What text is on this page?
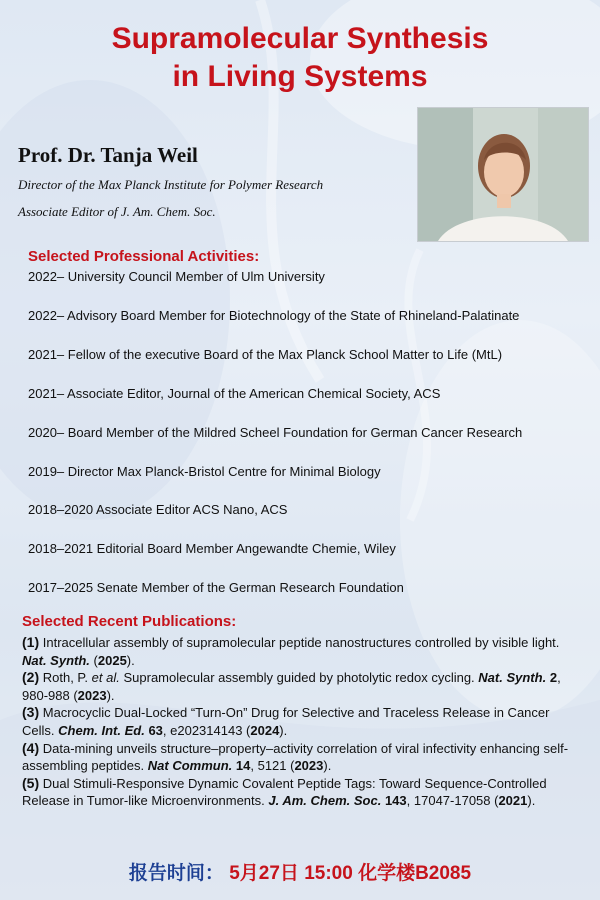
Supramolecular Synthesis
in Living Systems
Prof. Dr. Tanja Weil
Director of the Max Planck Institute for Polymer Research
Associate Editor of J. Am. Chem. Soc.
Selected Professional Activities:
2022– University Council Member of Ulm University
2022– Advisory Board Member for Biotechnology of the State of Rhineland-Palatinate
2021– Fellow of the executive Board of the Max Planck School Matter to Life (MtL)
2021– Associate Editor, Journal of the American Chemical Society, ACS
2020– Board Member of the Mildred Scheel Foundation for German Cancer Research
2019– Director Max Planck-Bristol Centre for Minimal Biology
2018–2020 Associate Editor ACS Nano, ACS
2018–2021 Editorial Board Member Angewandte Chemie, Wiley
2017–2025 Senate Member of the German Research Foundation
Selected Recent Publications:

(1) Intracellular assembly of supramolecular peptide nanostructures controlled by visible light. Nat. Synth. (2025).

(2) Roth, P. et al. Supramolecular assembly guided by photolytic redox cycling. Nat. Synth. 2, 980-988 (2023).

(3) Macrocyclic Dual-Locked “Turn-On” Drug for Selective and Traceless Release in Cancer Cells. Chem. Int. Ed. 63, e202314143 (2024).

(4) Data-mining unveils structure–property–activity correlation of viral infectivity enhancing self-assembling peptides. Nat Commun. 14, 5121 (2023).

(5) Dual Stimuli-Responsive Dynamic Covalent Peptide Tags: Toward Sequence-Controlled Release in Tumor-like Microenvironments. J. Am. Chem. Soc. 143, 17047-17058 (2021).

报告时间： 5月27日 15:00 化学楼B2085
